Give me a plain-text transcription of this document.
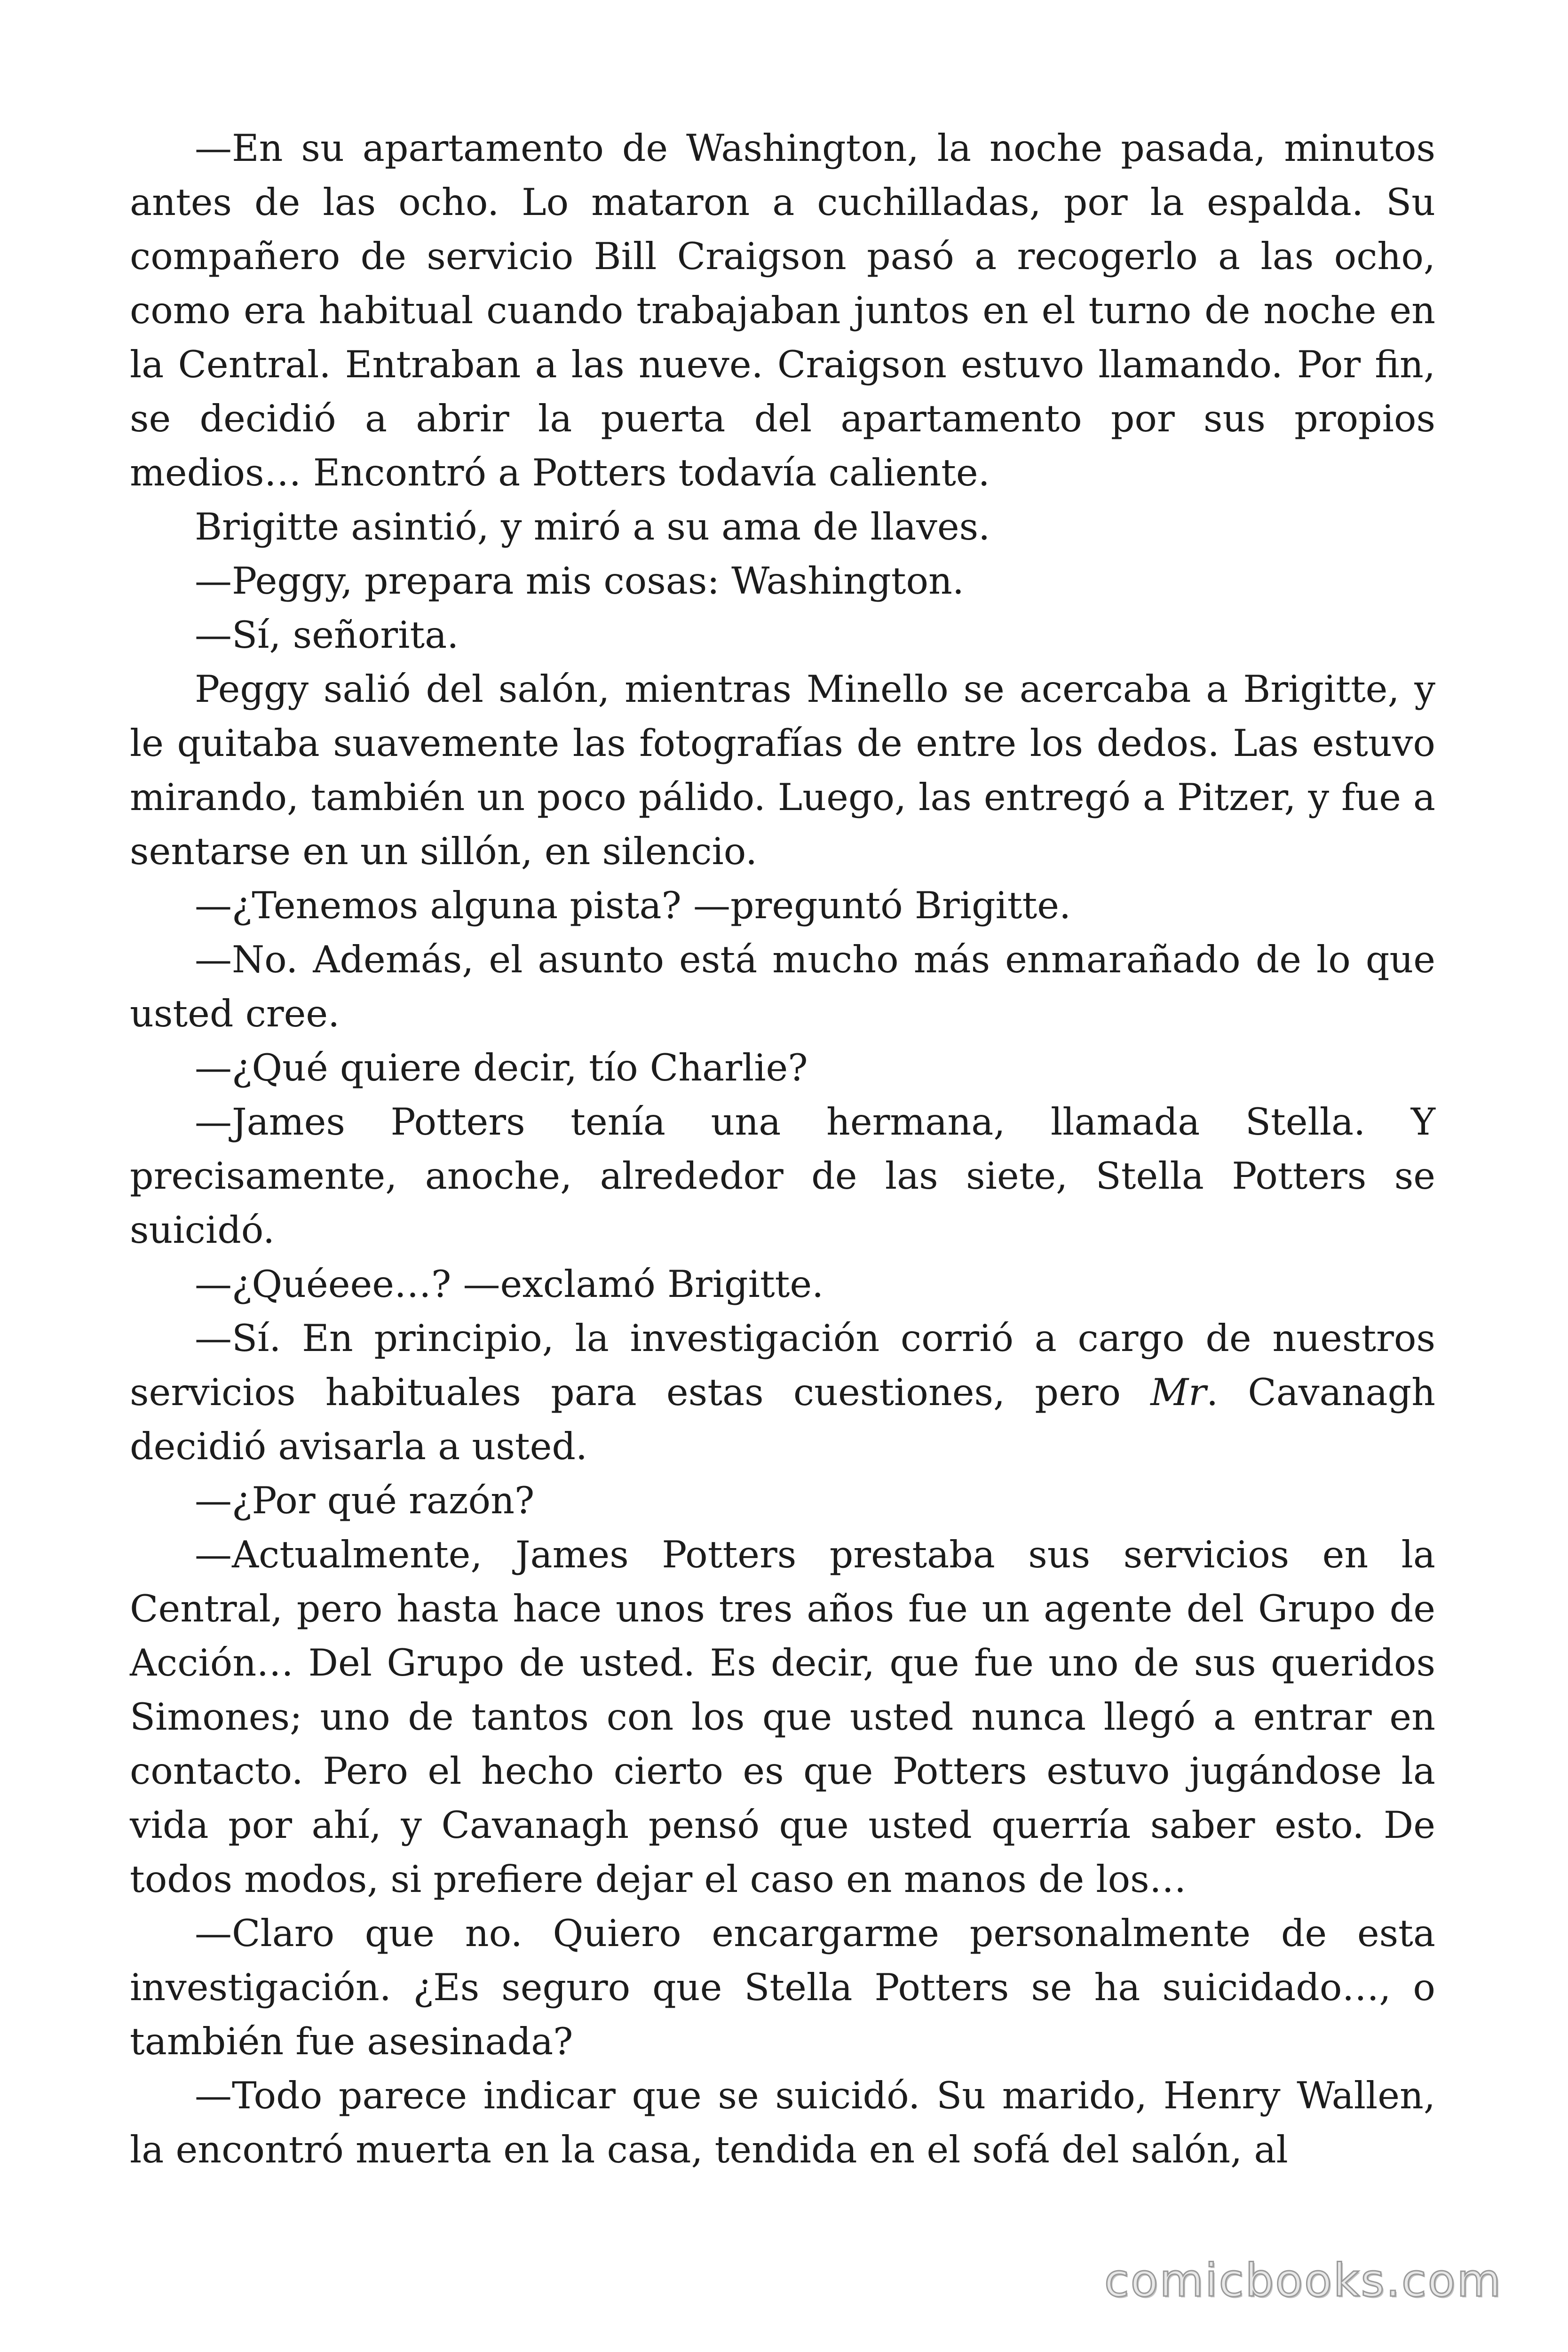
—En su apartamento de Washington, la noche pasada, minutos antes de las ocho. Lo mataron a cuchilladas, por la espalda. Su compañero de servicio Bill Craigson pasó a recogerlo a las ocho, como era habitual cuando trabajaban juntos en el turno de noche en la Central. Entraban a las nueve. Craigson estuvo llamando. Por fin, se decidió a abrir la puerta del apartamento por sus propios medios… Encontró a Potters todavía caliente.

Brigitte asintió, y miró a su ama de llaves.

—Peggy, prepara mis cosas: Washington.

—Sí, señorita.

Peggy salió del salón, mientras Minello se acercaba a Brigitte, y le quitaba suavemente las fotografías de entre los dedos. Las estuvo mirando, también un poco pálido. Luego, las entregó a Pitzer, y fue a sentarse en un sillón, en silencio.

—¿Tenemos alguna pista? —preguntó Brigitte.

—No. Además, el asunto está mucho más enmarañado de lo que usted cree.

—¿Qué quiere decir, tío Charlie?

—James Potters tenía una hermana, llamada Stella. Y precisamente, anoche, alrededor de las siete, Stella Potters se suicidó.

—¿Quéeee…? —exclamó Brigitte.

—Sí. En principio, la investigación corrió a cargo de nuestros servicios habituales para estas cuestiones, pero Mr. Cavanagh decidió avisarla a usted.

—¿Por qué razón?

—Actualmente, James Potters prestaba sus servicios en la Central, pero hasta hace unos tres años fue un agente del Grupo de Acción… Del Grupo de usted. Es decir, que fue uno de sus queridos Simones; uno de tantos con los que usted nunca llegó a entrar en contacto. Pero el hecho cierto es que Potters estuvo jugándose la vida por ahí, y Cavanagh pensó que usted querría saber esto. De todos modos, si prefiere dejar el caso en manos de los…

—Claro que no. Quiero encargarme personalmente de esta investigación. ¿Es seguro que Stella Potters se ha suicidado…, o también fue asesinada?

—Todo parece indicar que se suicidó. Su marido, Henry Wallen, la encontró muerta en la casa, tendida en el sofá del salón, al

comicbooks.com
